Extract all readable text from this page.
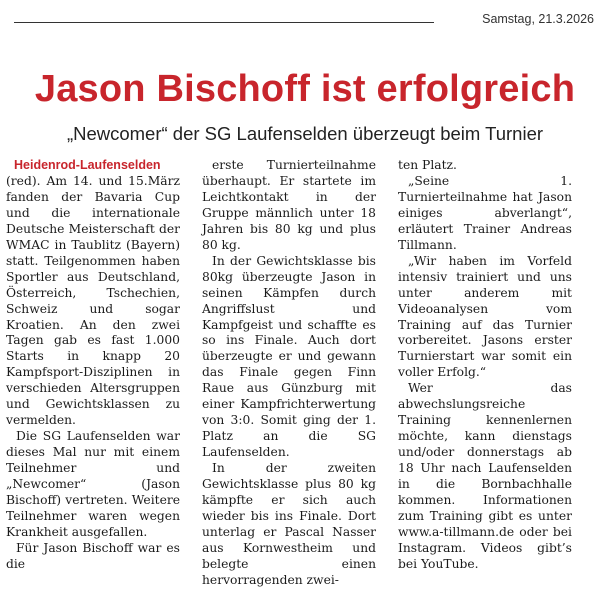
Samstag, 21.3.2026
Jason Bischoff ist erfolgreich
„Newcomer“ der SG Laufenselden überzeugt beim Turnier
Heidenrod-Laufenselden

(red). Am 14. und 15.März fanden der Bavaria Cup und die internationale Deutsche Meisterschaft der WMAC in Taublitz (Bayern) statt. Teilgenommen haben Sportler aus Deutschland, Österreich, Tschechien, Schweiz und sogar Kroatien. An den zwei Tagen gab es fast 1.000 Starts in knapp 20 Kampfsport-Disziplinen in verschieden Altersgruppen und Gewichtsklassen zu vermelden.

Die SG Laufenselden war dieses Mal nur mit einem Teilnehmer und „Newcomer“ (Jason Bischoff) vertreten. Weitere Teilnehmer waren wegen Krankheit ausgefallen.

Für Jason Bischoff war es die

erste Turnierteilnahme überhaupt. Er startete im Leichtkontakt in der Gruppe männlich unter 18 Jahren bis 80 kg und plus 80 kg.

In der Gewichtsklasse bis 80kg überzeugte Jason in seinen Kämpfen durch Angriffslust und Kampfgeist und schaffte es so ins Finale. Auch dort überzeugte er und gewann das Finale gegen Finn Raue aus Günzburg mit einer Kampfrichterwertung von 3:0. Somit ging der 1. Platz an die SG Laufenselden.

In der zweiten Gewichtsklasse plus 80 kg kämpfte er sich auch wieder bis ins Finale. Dort unterlag er Pascal Nasser aus Kornwestheim und belegte einen hervorragenden zwei-

ten Platz.

„Seine 1. Turnierteilnahme hat Jason einiges abverlangt“, erläutert Trainer Andreas Tillmann.

„Wir haben im Vorfeld intensiv trainiert und uns unter anderem mit Videoanalysen vom Training auf das Turnier vorbereitet. Jasons erster Turnierstart war somit ein voller Erfolg.“

Wer das abwechslungsreiche Training kennenlernen möchte, kann dienstags und/oder donnerstags ab 18 Uhr nach Laufenselden in die Bornbachhalle kommen. Informationen zum Training gibt es unter www.a-tillmann.de oder bei Instagram. Videos gibt’s bei YouTube.
